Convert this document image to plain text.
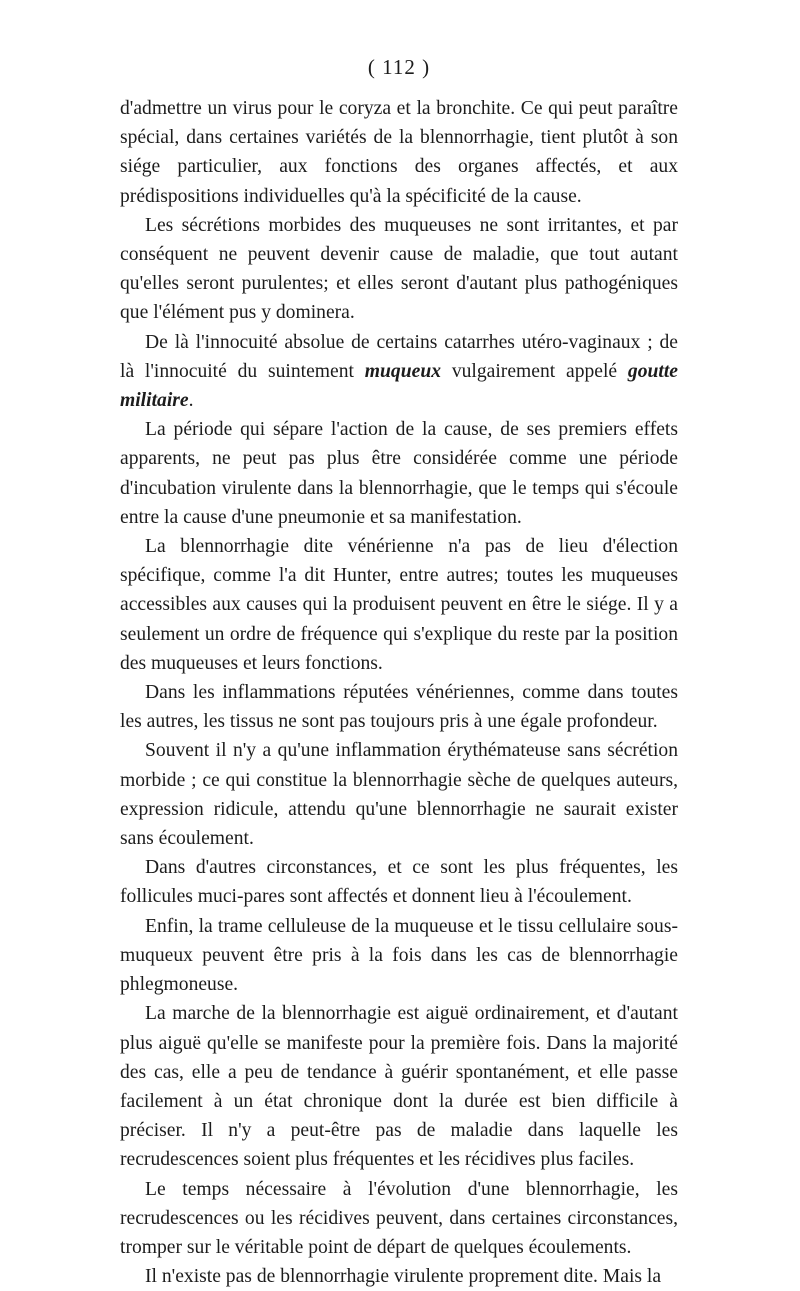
( 112 )

d'admettre un virus pour le coryza et la bronchite. Ce qui peut paraître spécial, dans certaines variétés de la blennorrhagie, tient plutôt à son siége particulier, aux fonctions des organes affectés, et aux prédispositions individuelles qu'à la spécificité de la cause.

Les sécrétions morbides des muqueuses ne sont irritantes, et par conséquent ne peuvent devenir cause de maladie, que tout autant qu'elles seront purulentes; et elles seront d'autant plus pathogéniques que l'élément pus y dominera.

De là l'innocuité absolue de certains catarrhes utéro-vaginaux ; de là l'innocuité du suintement muqueux vulgairement appelé goutte militaire.

La période qui sépare l'action de la cause, de ses premiers effets apparents, ne peut pas plus être considérée comme une période d'incubation virulente dans la blennorrhagie, que le temps qui s'écoule entre la cause d'une pneumonie et sa manifestation.

La blennorrhagie dite vénérienne n'a pas de lieu d'élection spécifique, comme l'a dit Hunter, entre autres; toutes les muqueuses accessibles aux causes qui la produisent peuvent en être le siége. Il y a seulement un ordre de fréquence qui s'explique du reste par la position des muqueuses et leurs fonctions.

Dans les inflammations réputées vénériennes, comme dans toutes les autres, les tissus ne sont pas toujours pris à une égale profondeur.

Souvent il n'y a qu'une inflammation érythémateuse sans sécrétion morbide ; ce qui constitue la blennorrhagie sèche de quelques auteurs, expression ridicule, attendu qu'une blennorrhagie ne saurait exister sans écoulement.

Dans d'autres circonstances, et ce sont les plus fréquentes, les follicules muci-pares sont affectés et donnent lieu à l'écoulement.

Enfin, la trame celluleuse de la muqueuse et le tissu cellulaire sous-muqueux peuvent être pris à la fois dans les cas de blennorrhagie phlegmoneuse.

La marche de la blennorrhagie est aiguë ordinairement, et d'autant plus aiguë qu'elle se manifeste pour la première fois. Dans la majorité des cas, elle a peu de tendance à guérir spontanément, et elle passe facilement à un état chronique dont la durée est bien difficile à préciser. Il n'y a peut-être pas de maladie dans laquelle les recrudescences soient plus fréquentes et les récidives plus faciles.

Le temps nécessaire à l'évolution d'une blennorrhagie, les recrudescences ou les récidives peuvent, dans certaines circonstances, tromper sur le véritable point de départ de quelques écoulements.

Il n'existe pas de blennorrhagie virulente proprement dite. Mais la
